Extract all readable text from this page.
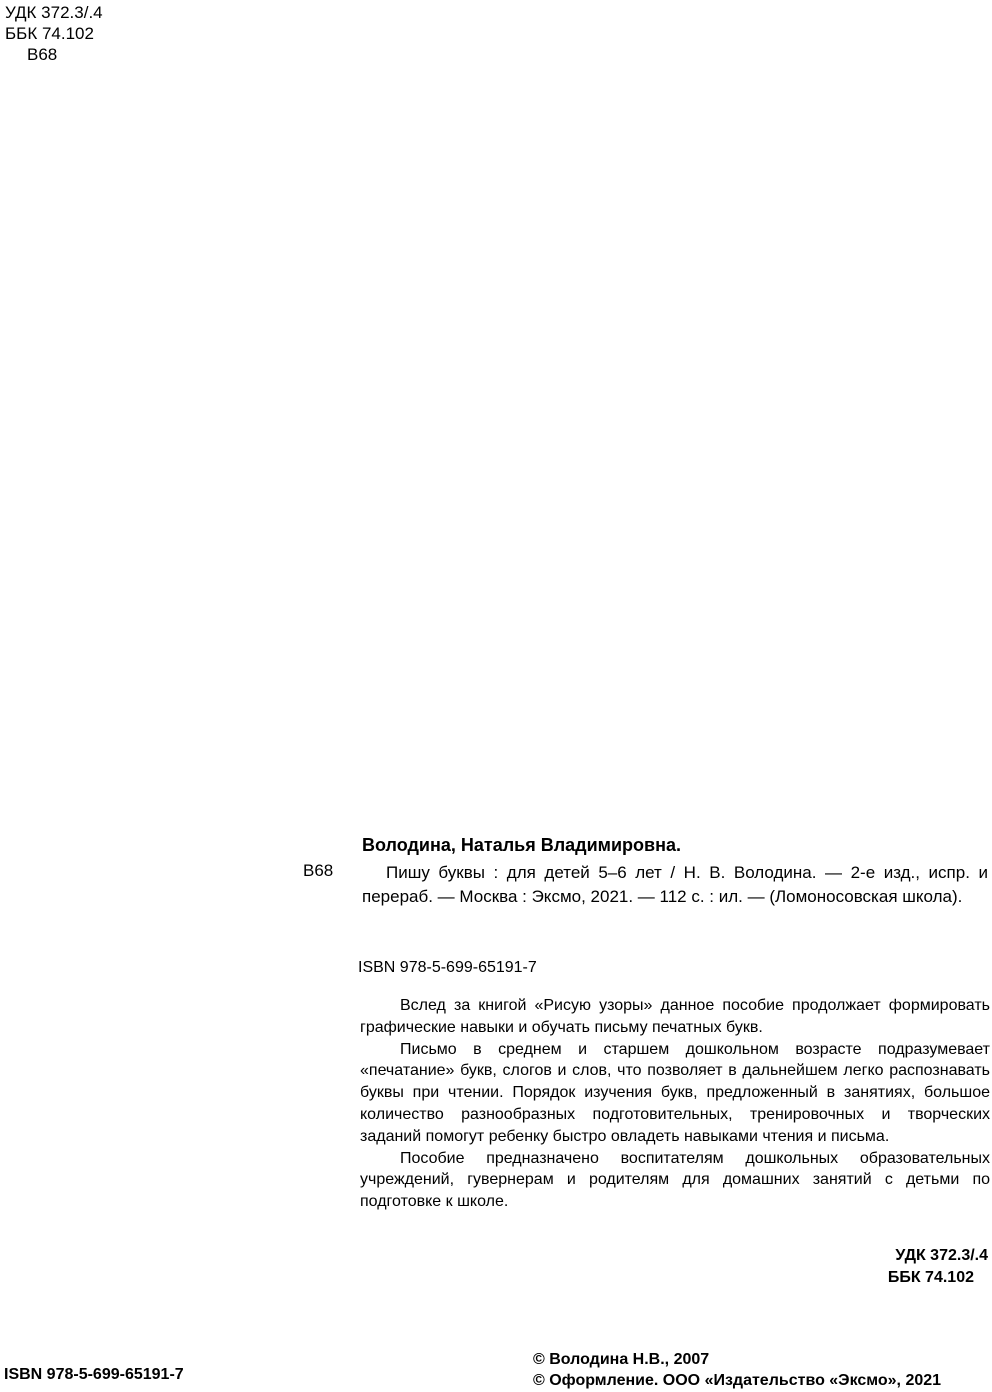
УДК 372.3/.4
ББК 74.102
В68
Володина, Наталья Владимировна.
В68	Пишу буквы : для детей 5–6 лет / Н. В. Володина. — 2-е изд., испр. и перераб. — Москва : Эксмо, 2021. — 112 с. : ил. — (Ломоносовская школа).

ISBN 978-5-699-65191-7

Вслед за книгой «Рисую узоры» данное пособие продолжает формировать графические навыки и обучать письму печатных букв.

Письмо в среднем и старшем дошкольном возрасте подразумевает «печатание» букв, слогов и слов, что позволяет в дальнейшем легко распознавать буквы при чтении. Порядок изучения букв, предложенный в занятиях, большое количество разнообразных подготовительных, тренировочных и творческих заданий помогут ребенку быстро овладеть навыками чтения и письма.

Пособие предназначено воспитателям дошкольных образовательных учреждений, гувернерам и родителям для домашних занятий с детьми по подготовке к школе.

УДК 372.3/.4
ББК 74.102
ISBN 978-5-699-65191-7
© Володина Н.В., 2007
© Оформление. ООО «Издательство «Эксмо», 2021
